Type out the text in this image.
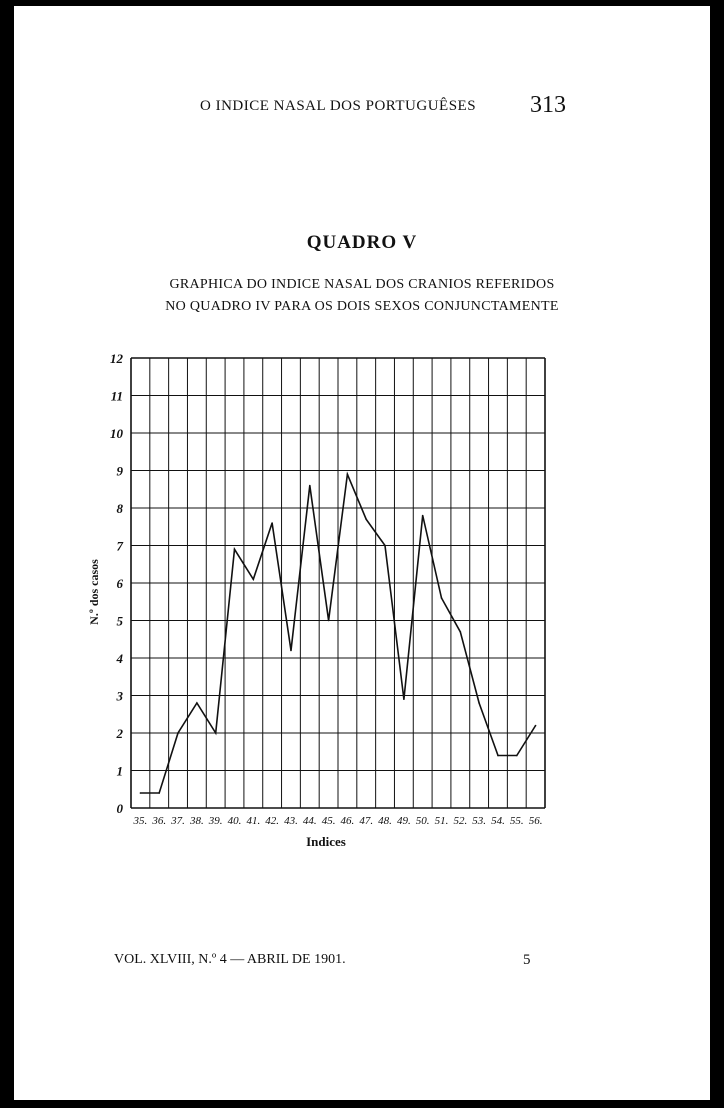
O INDICE NASAL DOS PORTUGUÊSES 313
QUADRO V
GRAPHICA DO INDICE NASAL DOS CRANIOS REFERIDOS
NO QUADRO IV PARA OS DOIS SEXOS CONJUNCTAMENTE
0
1
2
3
4
5
6
7
8
9
10
11
12
35. 36. 37. 38. 39. 40. 41. 42. 43. 44. 45. 46. 47. 48. 49. 50. 51. 52. 53. 54. 55. 56.
N.º dos casos
Indices
VOL. XLVIII, N.º 4 — ABRIL DE 1901.	5
